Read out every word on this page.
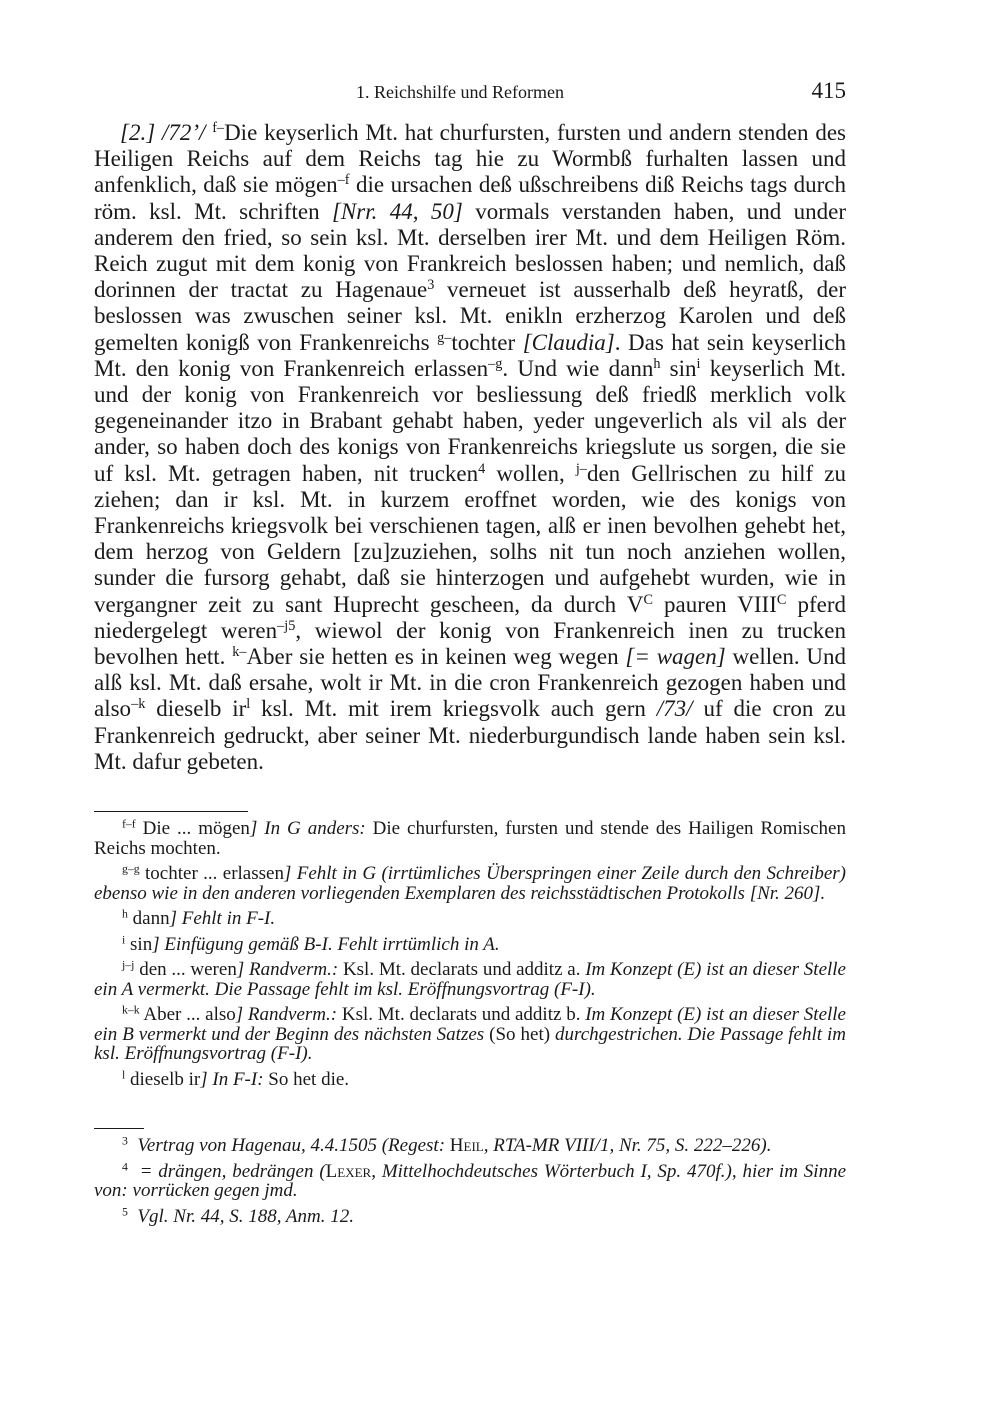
1. Reichshilfe und Reformen	415

[2.] /72’/ $^{f-}$Die keyserlich Mt. hat churfursten, fursten und andern stenden des Heiligen Reichs auf dem Reichs tag hie zu Wormbß furhalten lassen und anfenklich, daß sie mögen$^{-f}$ die ursachen deß ußschreibens diß Reichs tags durch röm. ksl. Mt. schriften [Nrr. 44, 50] vormals verstanden haben, und under anderem den fried, so sein ksl. Mt. derselben irer Mt. und dem Heiligen Röm. Reich zugut mit dem konig von Frankreich beslossen haben; und nemlich, daß dorinnen der tractat zu Hagenaue$^3$ verneuet ist ausserhalb deß heyratß, der beslossen was zwuschen seiner ksl. Mt. enikln erzherzog Karolen und deß gemelten konigß von Frankenreichs $^{g-}$tochter [Claudia]. Das hat sein keyserlich Mt. den konig von Frankenreich erlassen$^{-g}$. Und wie dann$^h$ $\sin^i$ keyserlich Mt. und der konig von Frankenreich vor besliessung deß friedß merklich volk gegeneinander itzo in Brabant gehabt haben, yeder ungeverlich als vil als der ander, so haben doch des konigs von Frankenreichs kriegslute us sorgen, die sie uf ksl. Mt. getragen haben, nit trucken$^4$ wollen, $^{j-}$den Gellrischen zu hilf zu ziehen; dan ir ksl. Mt. in kurzem eroffnet worden, wie des konigs von Frankenreichs kriegsvolk bei verschienen tagen, alß er inen bevolhen gehebt het, dem herzog von Geldern [zu]zuziehen, solhs nit tun noch anziehen wollen, sunder die fursorg gehabt, daß sie hinterzogen und aufgehebt wurden, wie in vergangner zeit zu sant Huprecht gescheen, da durch $V^C$ pauren $VIII^C$ pferd niedergelegt weren$^{-j5}$, wiewol der konig von Frankenreich inen zu trucken bevolhen hett. $^{k-}$Aber sie hetten es in keinen weg wegen [= wagen] wellen. Und alß ksl. Mt. daß ersahe, wolt ir Mt. in die cron Frankenreich gezogen haben und also$^{-k}$ dieselb $ir^l$ ksl. Mt. mit irem kriegsvolk auch gern /73/ uf die cron zu Frankenreich gedruckt, aber seiner Mt. niederburgundisch lande haben sein ksl. Mt. dafur gebeten.

$^{f-f}$ Die ... mögen] In G anders: Die churfursten, fursten und stende des Hailigen Romischen Reichs mochten.

$^{g-g}$ tochter ... erlassen] Fehlt in G (irrtümliches Überspringen einer Zeile durch den Schreiber) ebenso wie in den anderen vorliegenden Exemplaren des reichsstädtischen Protokolls [Nr. 260].

$^h$ dann] Fehlt in F-I.

$^i$ sin] Einfügung gemäß B-I. Fehlt irrtümlich in A.

$^{j-j}$ den ... weren] Randverm.: Ksl. Mt. declarats und additz a. Im Konzept (E) ist an dieser Stelle ein A vermerkt. Die Passage fehlt im ksl. Eröffnungsvortrag (F-I).

$^{k-k}$ Aber ... also] Randverm.: Ksl. Mt. declarats und additz b. Im Konzept (E) ist an dieser Stelle ein B vermerkt und der Beginn des nächsten Satzes (So het) durchgestrichen. Die Passage fehlt im ksl. Eröffnungsvortrag (F-I).

$^l$ dieselb ir] In F-I: So het die.

$^3$ Vertrag von Hagenau, 4.4.1505 (Regest: Heil, RTA-MR VIII/1, Nr. 75, S. 222–226).

$^4$  = drängen, bedrängen (Lexer, Mittelhochdeutsches Wörterbuch I, Sp. 470f.), hier im Sinne von: vorrücken gegen jmd.

$^5$ Vgl. Nr. 44, S. 188, Anm. 12.
